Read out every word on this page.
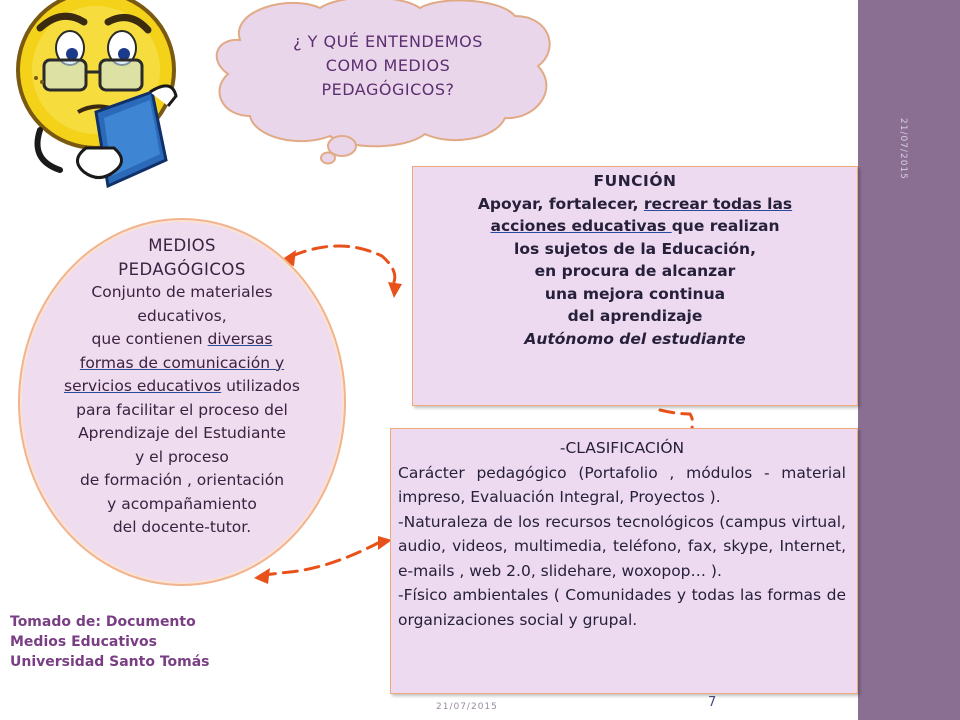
21/07/2015
¿ Y QUÉ ENTENDEMOS
COMO MEDIOS
PEDAGÓGICOS?
MEDIOS
PEDAGÓGICOS
Conjunto de materiales
educativos,
que contienen diversas
formas de comunicación y
servicios educativos utilizados
para facilitar el proceso del
Aprendizaje del Estudiante
y el proceso
de formación , orientación
y acompañamiento
del docente-tutor.
FUNCIÓN
Apoyar, fortalecer, recrear todas las
acciones educativas que realizan
los sujetos de la Educación,
en procura de alcanzar
una mejora continua
del aprendizaje
Autónomo del estudiante
-CLASIFICACIÓN
Carácter pedagógico (Portafolio , módulos - material impreso, Evaluación Integral, Proyectos ).
-Naturaleza de los recursos tecnológicos (campus virtual, audio, videos, multimedia, teléfono, fax, skype, Internet, e-mails , web 2.0, slidehare, woxopop… ).
-Físico ambientales ( Comunidades y todas las formas de organizaciones social y grupal.
Tomado de: Documento
Medios Educativos
Universidad Santo Tomás
21/07/2015	7
